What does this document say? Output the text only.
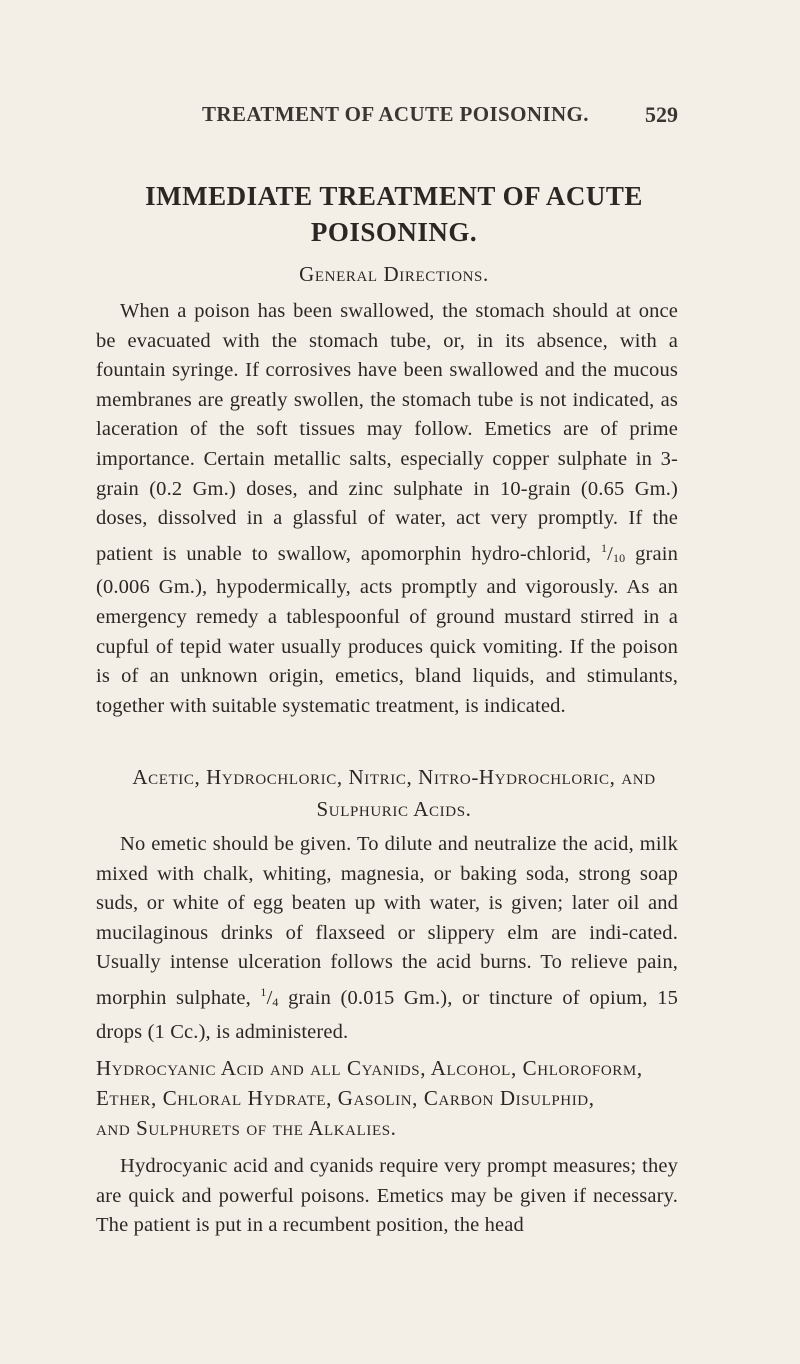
TREATMENT OF ACUTE POISONING.	529
IMMEDIATE TREATMENT OF ACUTE
POISONING.
General Directions.
When a poison has been swallowed, the stomach should at once be evacuated with the stomach tube, or, in its absence, with a fountain syringe. If corrosives have been swallowed and the mucous membranes are greatly swollen, the stomach tube is not indicated, as laceration of the soft tissues may follow. Emetics are of prime importance. Certain metallic salts, especially copper sulphate in 3-grain (0.2 Gm.) doses, and zinc sulphate in 10-grain (0.65 Gm.) doses, dissolved in a glassful of water, act very promptly. If the patient is unable to swallow, apomorphin hydro-chlorid, $^1/_{10}$ grain (0.006 Gm.), hypodermically, acts promptly and vigorously. As an emergency remedy a tablespoonful of ground mustard stirred in a cupful of tepid water usually produces quick vomiting. If the poison is of an unknown origin, emetics, bland liquids, and stimulants, together with suitable systematic treatment, is indicated.
Acetic, Hydrochloric, Nitric, Nitro-Hydrochloric, and
Sulphuric Acids.
No emetic should be given. To dilute and neutralize the acid, milk mixed with chalk, whiting, magnesia, or baking soda, strong soap suds, or white of egg beaten up with water, is given; later oil and mucilaginous drinks of flaxseed or slippery elm are indi-cated. Usually intense ulceration follows the acid burns. To relieve pain, morphin sulphate, $^1/_4$ grain (0.015 Gm.), or tincture of opium, 15 drops (1 Cc.), is administered.
Hydrocyanic Acid and all Cyanids, Alcohol, Chloroform,
Ether, Chloral Hydrate, Gasolin, Carbon Disulphid,
and Sulphurets of the Alkalies.
Hydrocyanic acid and cyanids require very prompt measures; they are quick and powerful poisons. Emetics may be given if necessary. The patient is put in a recumbent position, the head
